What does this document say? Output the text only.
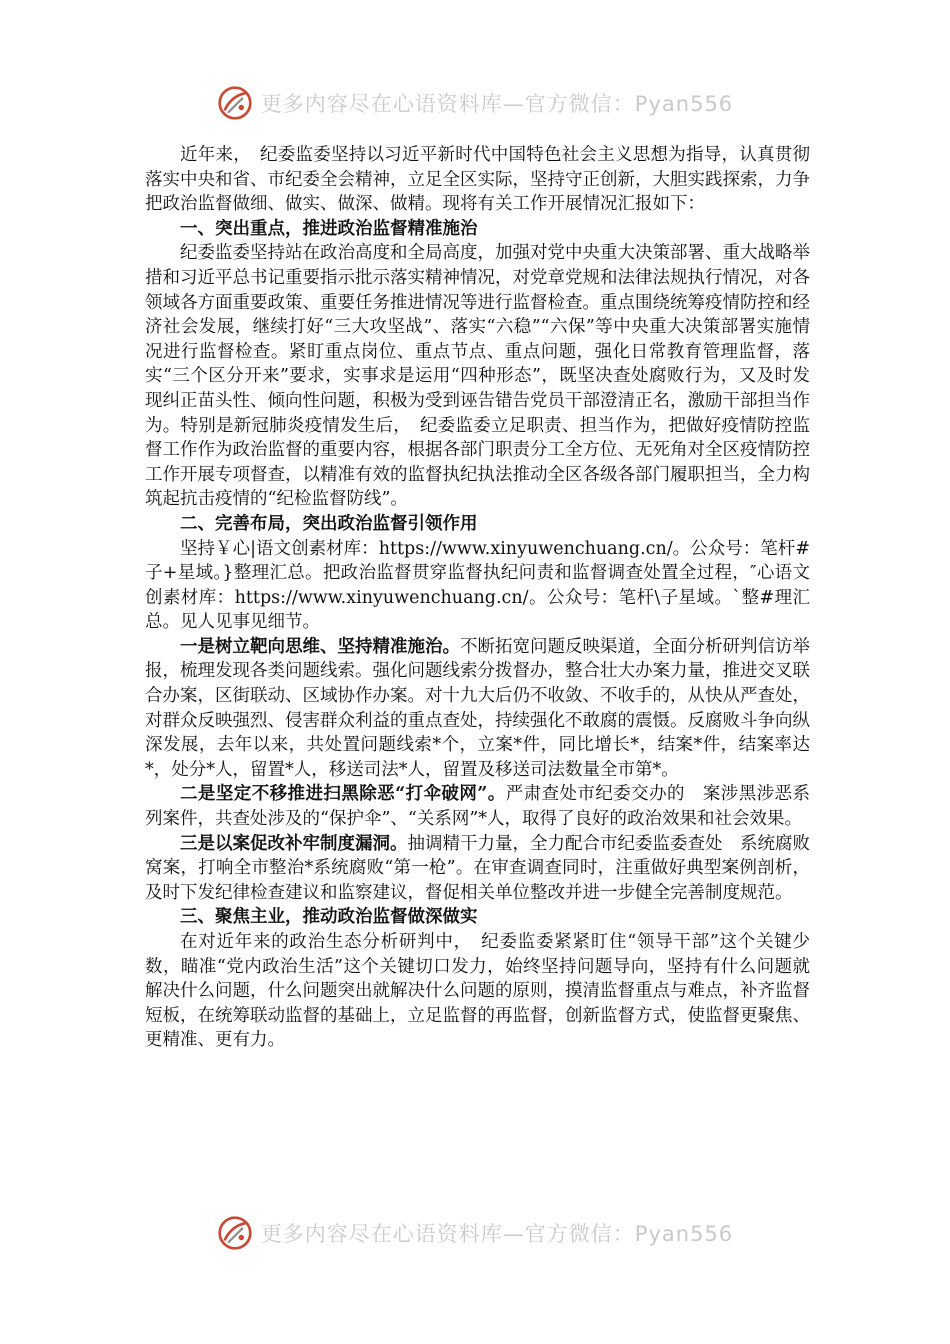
更多内容尽在心语资料库—官方微信：Pyan556

近年来，　纪委监委坚持以习近平新时代中国特色社会主义思想为指导，认真贯彻落实中央和省、市纪委全会精神，立足全区实际，坚持守正创新，大胆实践探索，力争把政治监督做细、做实、做深、做精。现将有关工作开展情况汇报如下：

一、突出重点，推进政治监督精准施治

纪委监委坚持站在政治高度和全局高度，加强对党中央重大决策部署、重大战略举措和习近平总书记重要指示批示落实精神情况，对党章党规和法律法规执行情况，对各领域各方面重要政策、重要任务推进情况等进行监督检查。重点围绕统筹疫情防控和经济社会发展，继续打好“三大攻坚战”、落实“六稳”“六保”等中央重大决策部署实施情况进行监督检查。紧盯重点岗位、重点节点、重点问题，强化日常教育管理监督，落实“三个区分开来”要求，实事求是运用“四种形态”，既坚决查处腐败行为，又及时发现纠正苗头性、倾向性问题，积极为受到诬告错告党员干部澄清正名，激励干部担当作为。特别是新冠肺炎疫情发生后，　纪委监委立足职责、担当作为，把做好疫情防控监督工作作为政治监督的重要内容，根据各部门职责分工全方位、无死角对全区疫情防控工作开展专项督查，以精准有效的监督执纪执法推动全区各级各部门履职担当，全力构筑起抗击疫情的“纪检监督防线”。

二、完善布局，突出政治监督引领作用

坚持￥心|语文创素材库：https://www.xinyuwenchuang.cn/。公众号：笔杆#子+星域。}整理汇总。把政治监督贯穿监督执纪问责和监督调查处置全过程，″心语文创素材库：https://www.xinyuwenchuang.cn/。公众号：笔杆\子星域。`整#理汇总。见人见事见细节。

一是树立靶向思维、坚持精准施治。不断拓宽问题反映渠道，全面分析研判信访举报，梳理发现各类问题线索。强化问题线索分拨督办，整合壮大办案力量，推进交叉联合办案，区街联动、区域协作办案。对十九大后仍不收敛、不收手的，从快从严查处，对群众反映强烈、侵害群众利益的重点查处，持续强化不敢腐的震慑。反腐败斗争向纵深发展，去年以来，共处置问题线索*个，立案*件，同比增长*，结案*件，结案率达*，处分*人，留置*人，移送司法*人，留置及移送司法数量全市第*。

二是坚定不移推进扫黑除恶“打伞破网”。严肃查处市纪委交办的　案涉黑涉恶系列案件，共查处涉及的“保护伞”、“关系网”*人，取得了良好的政治效果和社会效果。

三是以案促改补牢制度漏洞。抽调精干力量，全力配合市纪委监委查处　系统腐败窝案，打响全市整治*系统腐败“第一枪”。在审查调查同时，注重做好典型案例剖析，及时下发纪律检查建议和监察建议，督促相关单位整改并进一步健全完善制度规范。

三、聚焦主业，推动政治监督做深做实

在对近年来的政治生态分析研判中，　纪委监委紧紧盯住“领导干部”这个关键少数，瞄准“党内政治生活”这个关键切口发力，始终坚持问题导向，坚持有什么问题就解决什么问题，什么问题突出就解决什么问题的原则，摸清监督重点与难点，补齐监督短板，在统筹联动监督的基础上，立足监督的再监督，创新监督方式，使监督更聚焦、更精准、更有力。

更多内容尽在心语资料库—官方微信：Pyan556
